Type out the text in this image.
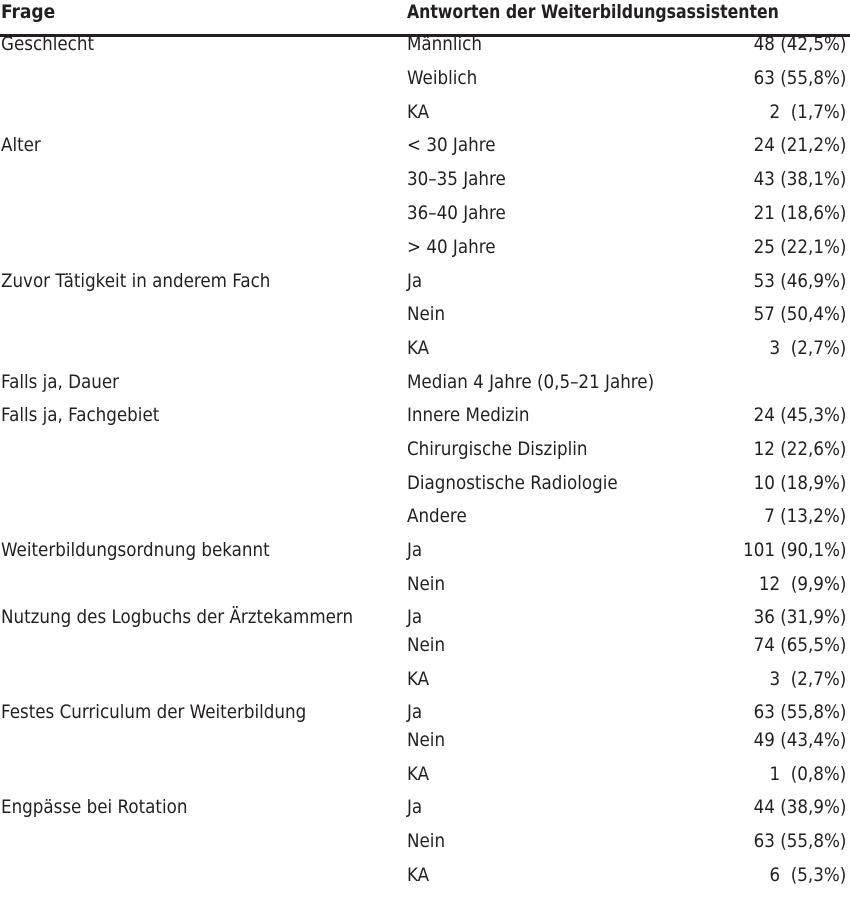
Frage	Antworten der Weiterbildungsassistenten
Geschlecht	Männlich	48 (42,5%)
Weiblich	63 (55,8%)
KA	2  (1,7%)
Alter	< 30 Jahre	24 (21,2%)
30–35 Jahre	43 (38,1%)
36–40 Jahre	21 (18,6%)
> 40 Jahre	25 (22,1%)
Zuvor Tätigkeit in anderem Fach	Ja	53 (46,9%)
Nein	57 (50,4%)
KA	3  (2,7%)
Falls ja, Dauer	Median 4 Jahre (0,5–21 Jahre)
Falls ja, Fachgebiet	Innere Medizin	24 (45,3%)
Chirurgische Disziplin	12 (22,6%)
Diagnostische Radiologie	10 (18,9%)
Andere	7 (13,2%)
Weiterbildungsordnung bekannt	Ja	101 (90,1%)
Nein	12  (9,9%)
Nutzung des Logbuchs der Ärztekammern	Ja	36 (31,9%)
Nein	74 (65,5%)
KA	3  (2,7%)
Festes Curriculum der Weiterbildung	Ja	63 (55,8%)
Nein	49 (43,4%)
KA	1  (0,8%)
Engpässe bei Rotation	Ja	44 (38,9%)
Nein	63 (55,8%)
KA	6  (5,3%)
